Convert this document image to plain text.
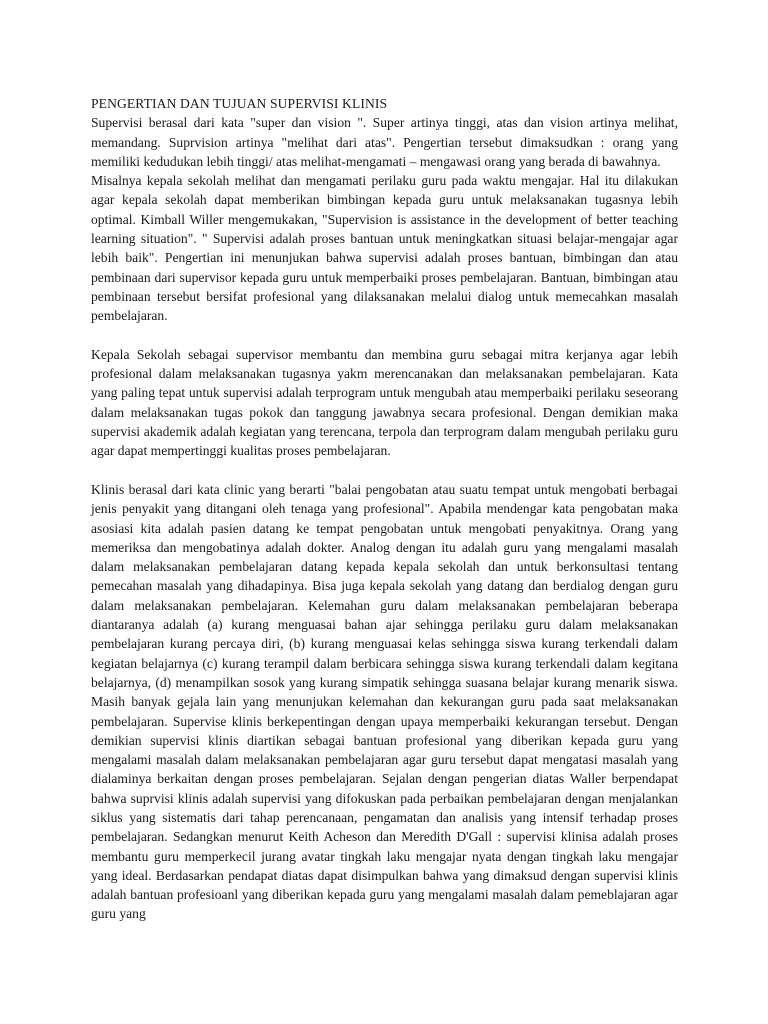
PENGERTIAN DAN TUJUAN SUPERVISI KLINIS

Supervisi berasal dari kata "super dan vision ". Super artinya tinggi, atas dan vision artinya melihat, memandang. Suprvision artinya "melihat dari atas". Pengertian tersebut dimaksudkan : orang yang memiliki kedudukan lebih tinggi/ atas melihat-mengamati – mengawasi orang yang berada di bawahnya.

Misalnya kepala sekolah melihat dan mengamati perilaku guru pada waktu mengajar. Hal itu dilakukan agar kepala sekolah dapat memberikan bimbingan kepada guru untuk melaksanakan tugasnya lebih optimal. Kimball Willer mengemukakan, "Supervision is assistance in the development of better teaching learning situation". " Supervisi adalah proses bantuan untuk meningkatkan situasi belajar-mengajar agar lebih baik". Pengertian ini menunjukan bahwa supervisi adalah proses bantuan, bimbingan dan atau pembinaan dari supervisor kepada guru untuk memperbaiki proses pembelajaran. Bantuan, bimbingan atau pembinaan tersebut bersifat profesional yang dilaksanakan melalui dialog untuk memecahkan masalah pembelajaran.

Kepala Sekolah sebagai supervisor membantu dan membina guru sebagai mitra kerjanya agar lebih profesional dalam melaksanakan tugasnya yakm merencanakan dan melaksanakan pembelajaran. Kata yang paling tepat untuk supervisi adalah terprogram untuk mengubah atau memperbaiki perilaku seseorang dalam melaksanakan tugas pokok dan tanggung jawabnya secara profesional. Dengan demikian maka supervisi akademik adalah kegiatan yang terencana, terpola dan terprogram dalam mengubah perilaku guru agar dapat mempertinggi kualitas proses pembelajaran.

Klinis berasal dari kata clinic yang berarti "balai pengobatan atau suatu tempat untuk mengobati berbagai jenis penyakit yang ditangani oleh tenaga yang profesional". Apabila mendengar kata pengobatan maka asosiasi kita adalah pasien datang ke tempat pengobatan untuk mengobati penyakitnya. Orang yang memeriksa dan mengobatinya adalah dokter. Analog dengan itu adalah guru yang mengalami masalah dalam melaksanakan pembelajaran datang kepada kepala sekolah dan untuk berkonsultasi tentang pemecahan masalah yang dihadapinya. Bisa juga kepala sekolah yang datang dan berdialog dengan guru dalam melaksanakan pembelajaran. Kelemahan guru dalam melaksanakan pembelajaran beberapa diantaranya adalah (a) kurang menguasai bahan ajar sehingga perilaku guru dalam melaksanakan pembelajaran kurang percaya diri, (b) kurang menguasai kelas sehingga siswa kurang terkendali dalam kegiatan belajarnya (c) kurang terampil dalam berbicara sehingga siswa kurang terkendali dalam kegitana belajarnya, (d) menampilkan sosok yang kurang simpatik sehingga suasana belajar kurang menarik siswa. Masih banyak gejala lain yang menunjukan kelemahan dan kekurangan guru pada saat melaksanakan pembelajaran. Supervise klinis berkepentingan dengan upaya memperbaiki kekurangan tersebut. Dengan demikian supervisi klinis diartikan sebagai bantuan profesional yang diberikan kepada guru yang mengalami masalah dalam melaksanakan pembelajaran agar guru tersebut dapat mengatasi masalah yang dialaminya berkaitan dengan proses pembelajaran. Sejalan dengan pengerian diatas Waller berpendapat bahwa suprvisi klinis adalah supervisi yang difokuskan pada perbaikan pembelajaran dengan menjalankan siklus yang sistematis dari tahap perencanaan, pengamatan dan analisis yang intensif terhadap proses pembelajaran. Sedangkan menurut Keith Acheson dan Meredith D'Gall : supervisi klinisa adalah proses membantu guru memperkecil jurang avatar tingkah laku mengajar nyata dengan tingkah laku mengajar yang ideal. Berdasarkan pendapat diatas dapat disimpulkan bahwa yang dimaksud dengan supervisi klinis adalah bantuan profesioanl yang diberikan kepada guru yang mengalami masalah dalam pemeblajaran agar guru yang
